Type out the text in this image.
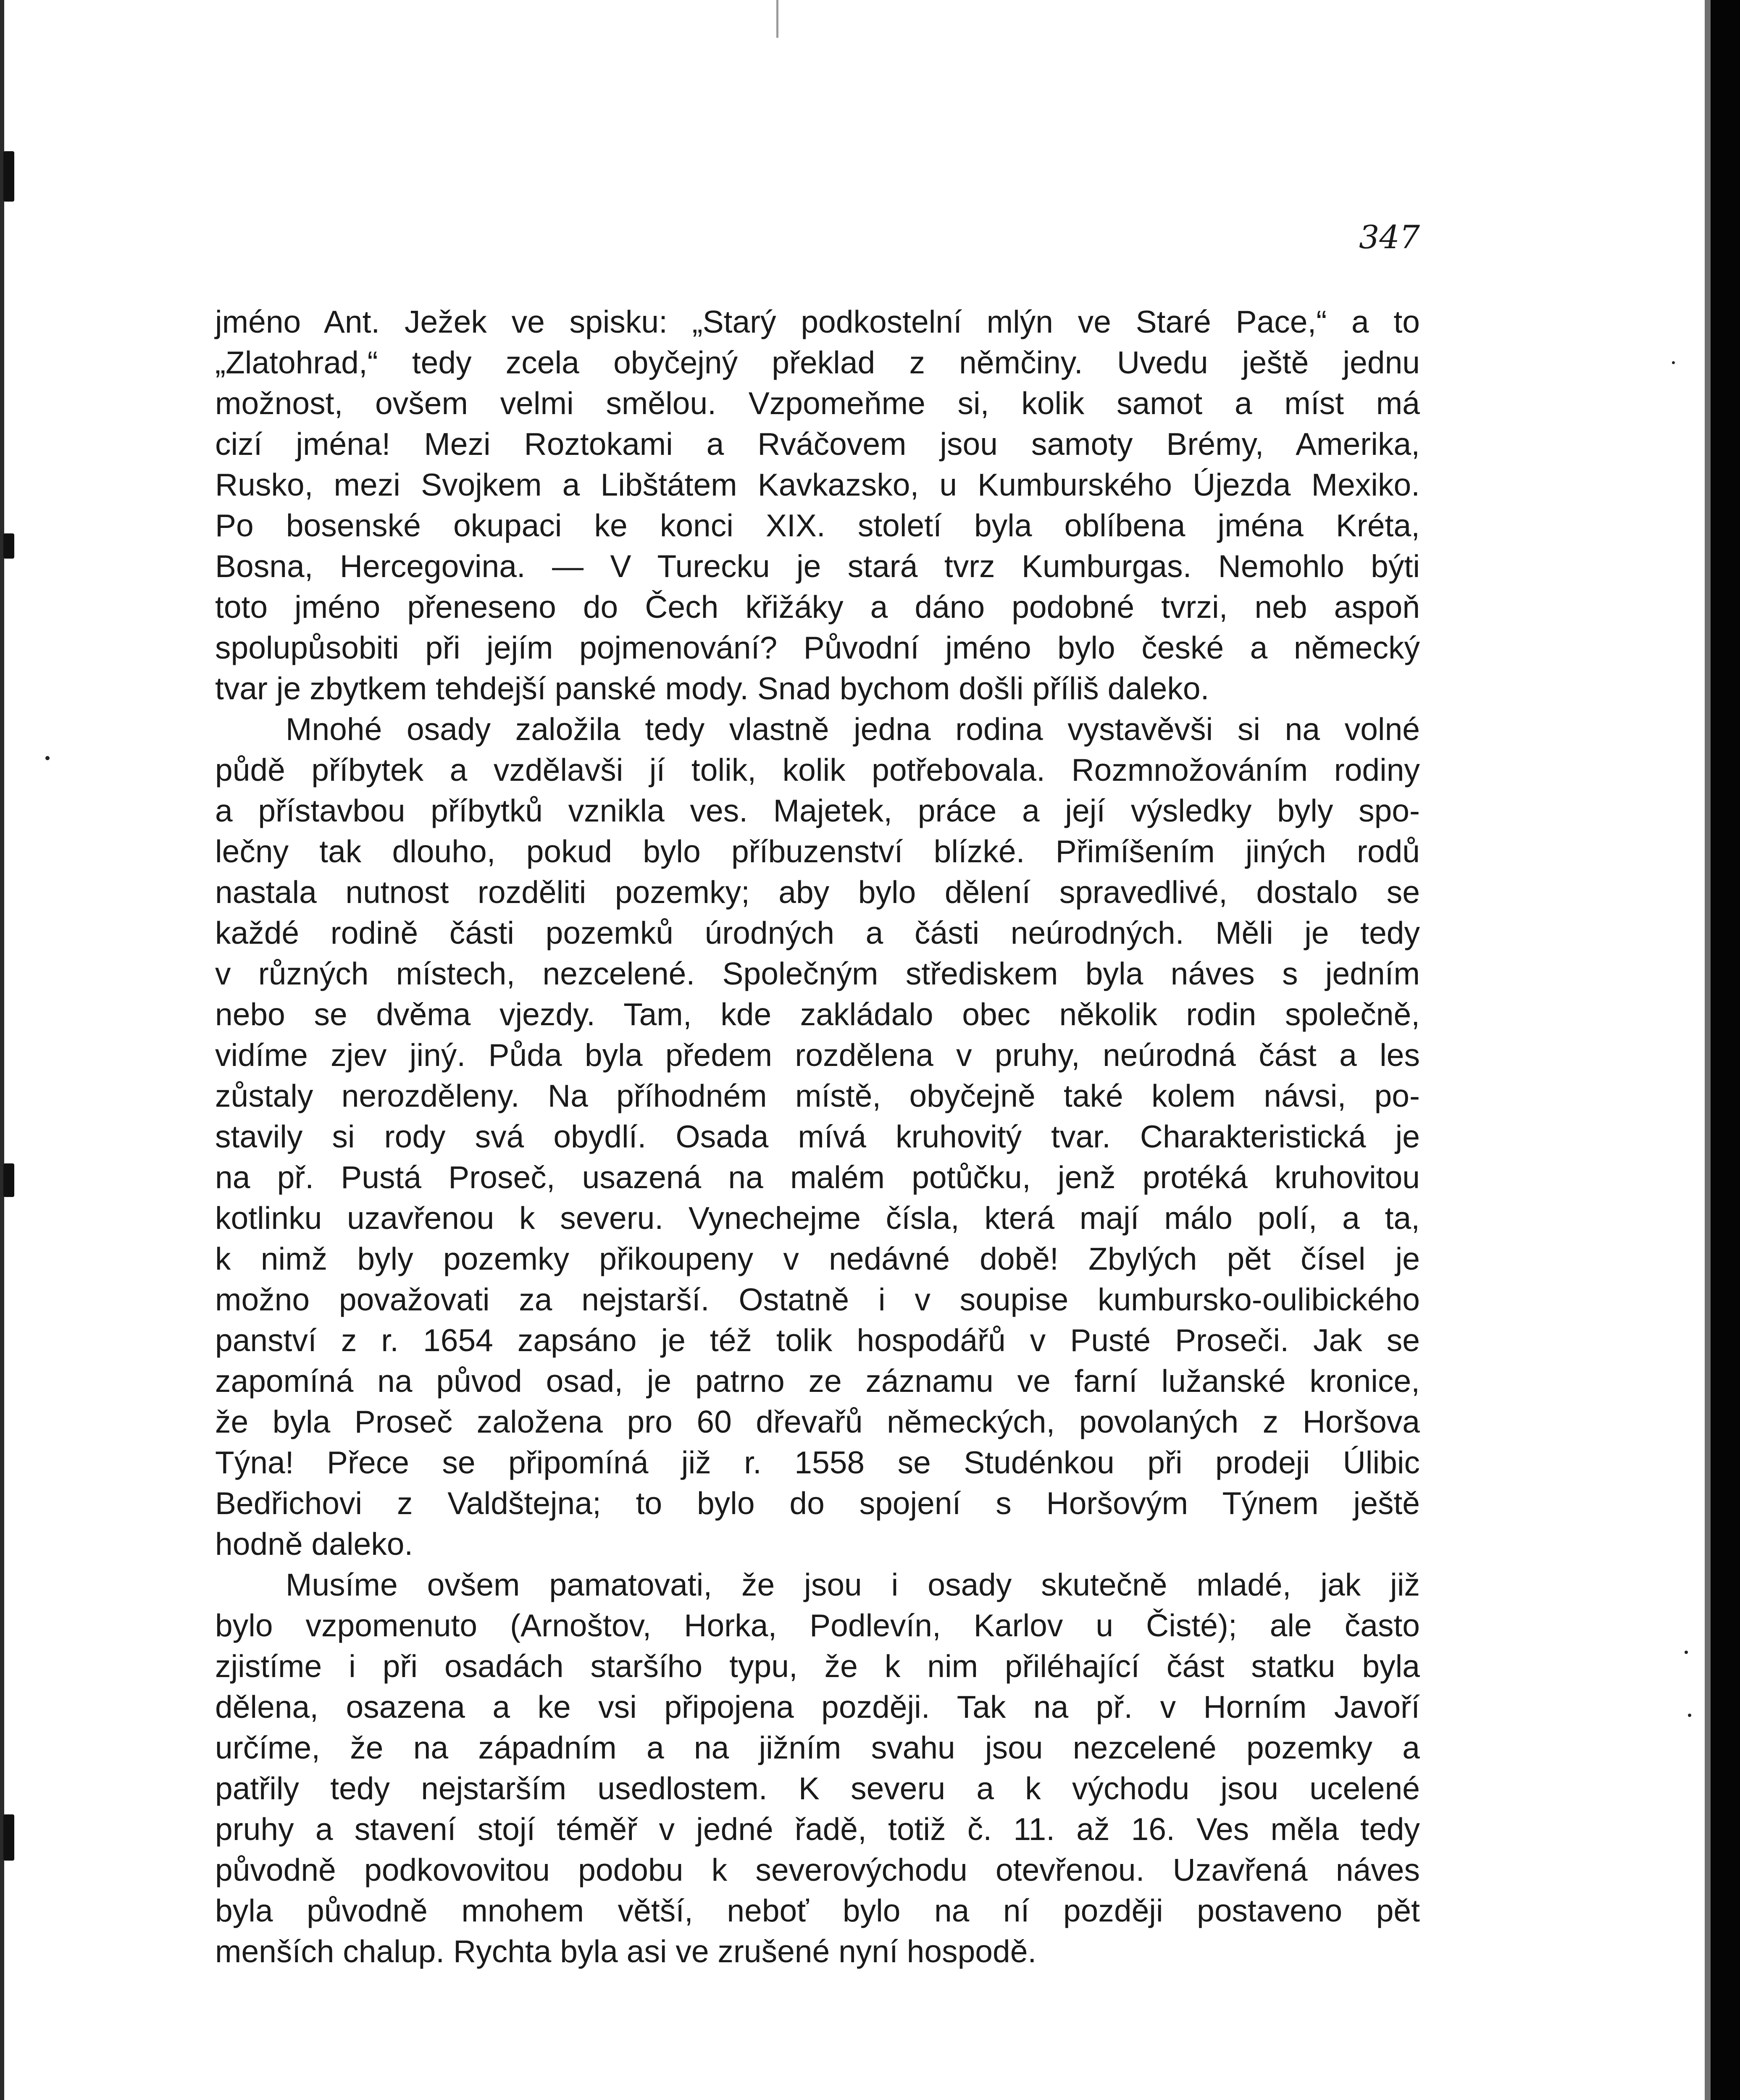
347
jméno Ant. Ježek ve spisku: „Starý podkostelní mlýn ve Staré Pace,“ a to
„Zlatohrad,“ tedy zcela obyčejný překlad z němčiny. Uvedu ještě jednu
možnost, ovšem velmi smělou. Vzpomeňme si, kolik samot a míst má
cizí jména! Mezi Roztokami a Rváčovem jsou samoty Brémy, Amerika,
Rusko, mezi Svojkem a Libštátem Kavkazsko, u Kumburského Újezda Mexiko.
Po bosenské okupaci ke konci XIX. století byla oblíbena jména Kréta,
Bosna, Hercegovina. — V Turecku je stará tvrz Kumburgas. Nemohlo býti
toto jméno přeneseno do Čech křižáky a dáno podobné tvrzi, neb aspoň
spolupůsobiti při jejím pojmenování? Původní jméno bylo české a německý
tvar je zbytkem tehdejší panské mody. Snad bychom došli příliš daleko.
Mnohé osady založila tedy vlastně jedna rodina vystavěvši si na volné
půdě příbytek a vzdělavši jí tolik, kolik potřebovala. Rozmnožováním rodiny
a přístavbou příbytků vznikla ves. Majetek, práce a její výsledky byly spo-
lečny tak dlouho, pokud bylo příbuzenství blízké. Přimíšením jiných rodů
nastala nutnost rozděliti pozemky; aby bylo dělení spravedlivé, dostalo se
každé rodině části pozemků úrodných a části neúrodných. Měli je tedy
v různých místech, nezcelené. Společným střediskem byla náves s jedním
nebo se dvěma vjezdy. Tam, kde zakládalo obec několik rodin společně,
vidíme zjev jiný. Půda byla předem rozdělena v pruhy, neúrodná část a les
zůstaly nerozděleny. Na příhodném místě, obyčejně také kolem návsi, po-
stavily si rody svá obydlí. Osada mívá kruhovitý tvar. Charakteristická je
na př. Pustá Proseč, usazená na malém potůčku, jenž protéká kruhovitou
kotlinku uzavřenou k severu. Vynechejme čísla, která mají málo polí, a ta,
k nimž byly pozemky přikoupeny v nedávné době! Zbylých pět čísel je
možno považovati za nejstarší. Ostatně i v soupise kumbursko-oulibického
panství z r. 1654 zapsáno je též tolik hospodářů v Pusté Proseči. Jak se
zapomíná na původ osad, je patrno ze záznamu ve farní lužanské kronice,
že byla Proseč založena pro 60 dřevařů německých, povolaných z Horšova
Týna! Přece se připomíná již r. 1558 se Studénkou při prodeji Úlibic
Bedřichovi z Valdštejna; to bylo do spojení s Horšovým Týnem ještě
hodně daleko.
Musíme ovšem pamatovati, že jsou i osady skutečně mladé, jak již
bylo vzpomenuto (Arnoštov, Horka, Podlevín, Karlov u Čisté); ale často
zjistíme i při osadách staršího typu, že k nim přiléhající část statku byla
dělena, osazena a ke vsi připojena později. Tak na př. v Horním Javoří
určíme, že na západním a na jižním svahu jsou nezcelené pozemky a
patřily tedy nejstarším usedlostem. K severu a k východu jsou ucelené
pruhy a stavení stojí téměř v jedné řadě, totiž č. 11. až 16. Ves měla tedy
původně podkovovitou podobu k severovýchodu otevřenou. Uzavřená náves
byla původně mnohem větší, neboť bylo na ní později postaveno pět
menších chalup. Rychta byla asi ve zrušené nyní hospodě.
